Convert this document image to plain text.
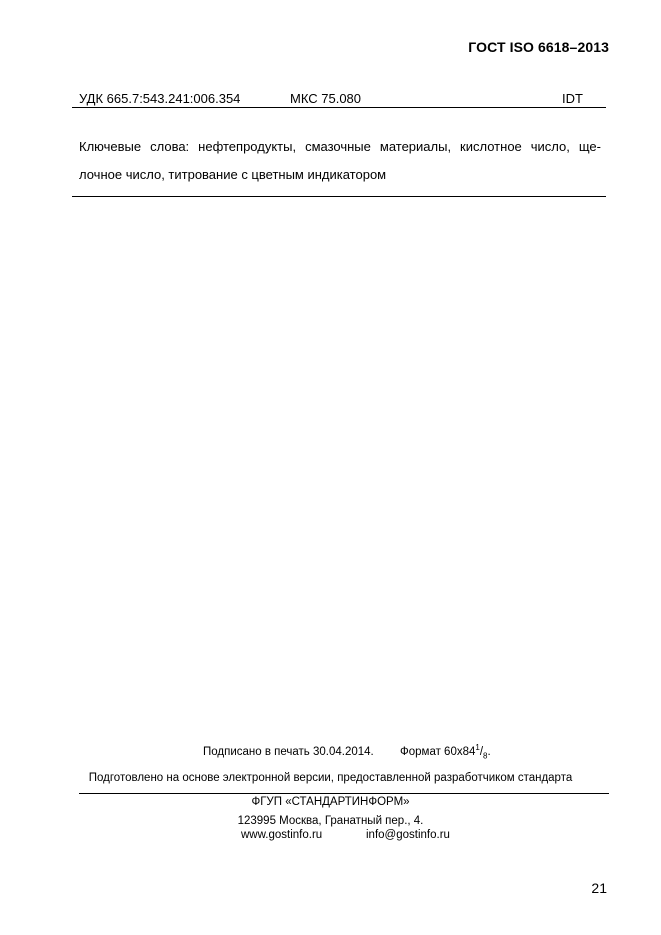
ГОСТ ISO 6618–2013
УДК 665.7:543.241:006.354	МКС 75.080	IDT
Ключевые слова: нефтепродукты, смазочные материалы, кислотное число, ще-
лочное число, титрование с цветным индикатором
Подписано в печать 30.04.2014. Формат $60x84^1/_8$.
Подготовлено на основе электронной версии, предоставленной разработчиком стандарта
ФГУП «СТАНДАРТИНФОРМ»
123995 Москва, Гранатный пер., 4.
www.gostinfo.ru	info@gostinfo.ru
21
